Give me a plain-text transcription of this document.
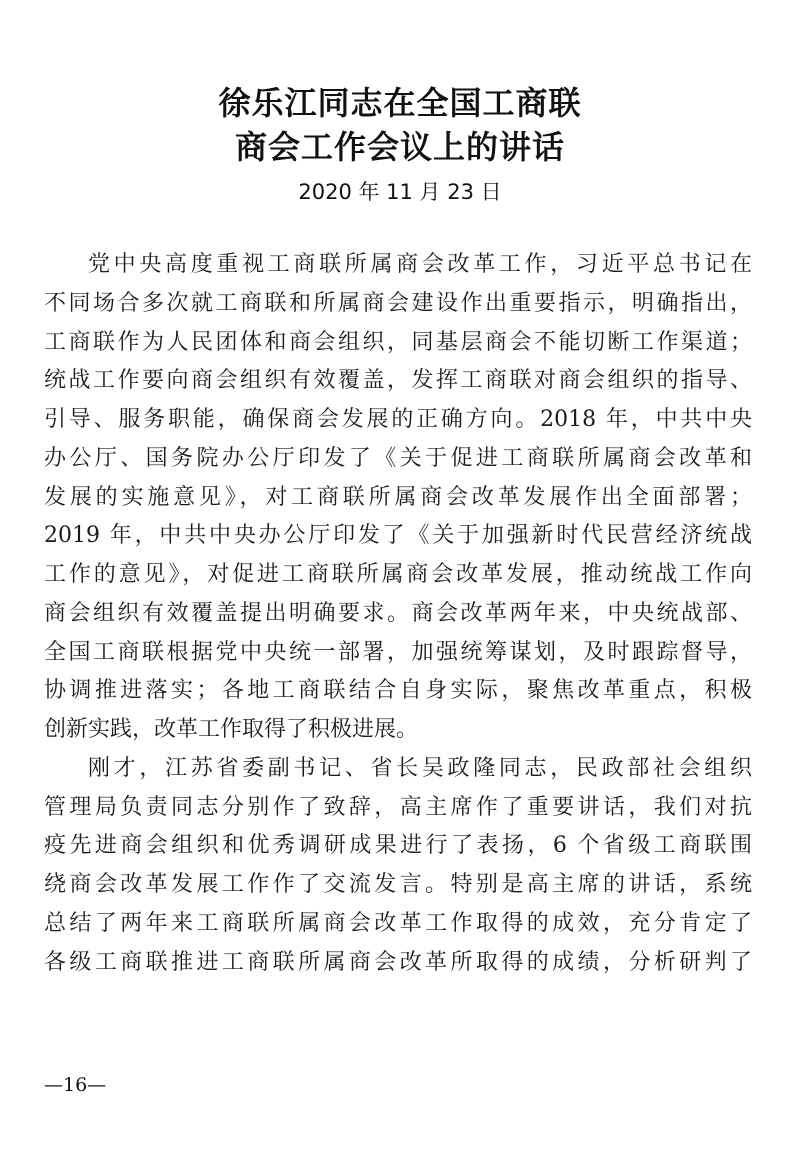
徐乐江同志在全国工商联
商会工作会议上的讲话
2020 年 11 月 23 日
党中央高度重视工商联所属商会改革工作，习近平总书记在
不同场合多次就工商联和所属商会建设作出重要指示，明确指出，
工商联作为人民团体和商会组织，同基层商会不能切断工作渠道；
统战工作要向商会组织有效覆盖，发挥工商联对商会组织的指导、
引导、服务职能，确保商会发展的正确方向。2018 年，中共中央
办公厅、国务院办公厅印发了《关于促进工商联所属商会改革和
发展的实施意见》，对工商联所属商会改革发展作出全面部署；
2019 年，中共中央办公厅印发了《关于加强新时代民营经济统战
工作的意见》，对促进工商联所属商会改革发展，推动统战工作向
商会组织有效覆盖提出明确要求。商会改革两年来，中央统战部、
全国工商联根据党中央统一部署，加强统筹谋划，及时跟踪督导，
协调推进落实；各地工商联结合自身实际，聚焦改革重点，积极
创新实践，改革工作取得了积极进展。
刚才，江苏省委副书记、省长吴政隆同志，民政部社会组织
管理局负责同志分别作了致辞，高主席作了重要讲话，我们对抗
疫先进商会组织和优秀调研成果进行了表扬，6 个省级工商联围
绕商会改革发展工作作了交流发言。特别是高主席的讲话，系统
总结了两年来工商联所属商会改革工作取得的成效，充分肯定了
各级工商联推进工商联所属商会改革所取得的成绩，分析研判了
—16—
